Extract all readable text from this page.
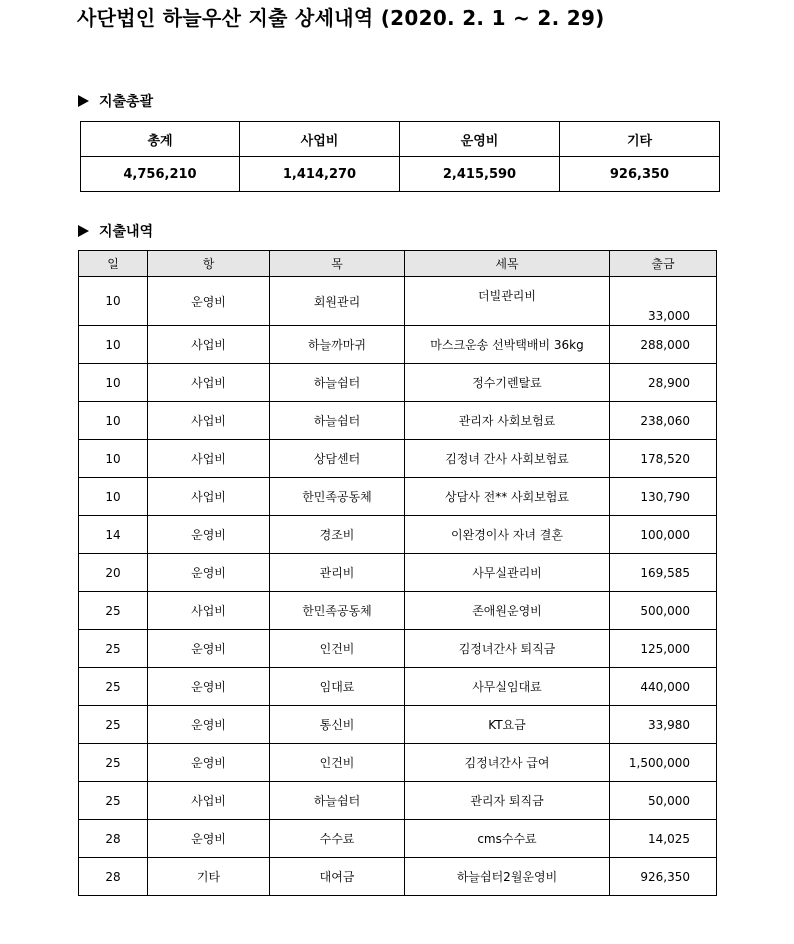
사단법인 하늘우산 지출 상세내역 (2020. 2. 1 ~ 2. 29)
지출총괄
총계	사업비	운영비	기타
4,756,210	1,414,270	2,415,590	926,350
지출내역
일	항	목	세목	출금
10	운영비	회원관리	더빌관리비	33,000
10	사업비	하늘까마귀	마스크운송 선박택배비 36kg	288,000
10	사업비	하늘쉼터	정수기렌탈료	28,900
10	사업비	하늘쉼터	관리자 사회보험료	238,060
10	사업비	상담센터	김정녀 간사 사회보험료	178,520
10	사업비	한민족공동체	상담사 전** 사회보험료	130,790
14	운영비	경조비	이완경이사 자녀 결혼	100,000
20	운영비	관리비	사무실관리비	169,585
25	사업비	한민족공동체	존애원운영비	500,000
25	운영비	인건비	김정녀간사 퇴직금	125,000
25	운영비	임대료	사무실임대료	440,000
25	운영비	통신비	KT요금	33,980
25	운영비	인건비	김정녀간사 급여	1,500,000
25	사업비	하늘쉼터	관리자 퇴직금	50,000
28	운영비	수수료	cms수수료	14,025
28	기타	대여금	하늘쉼터2월운영비	926,350
